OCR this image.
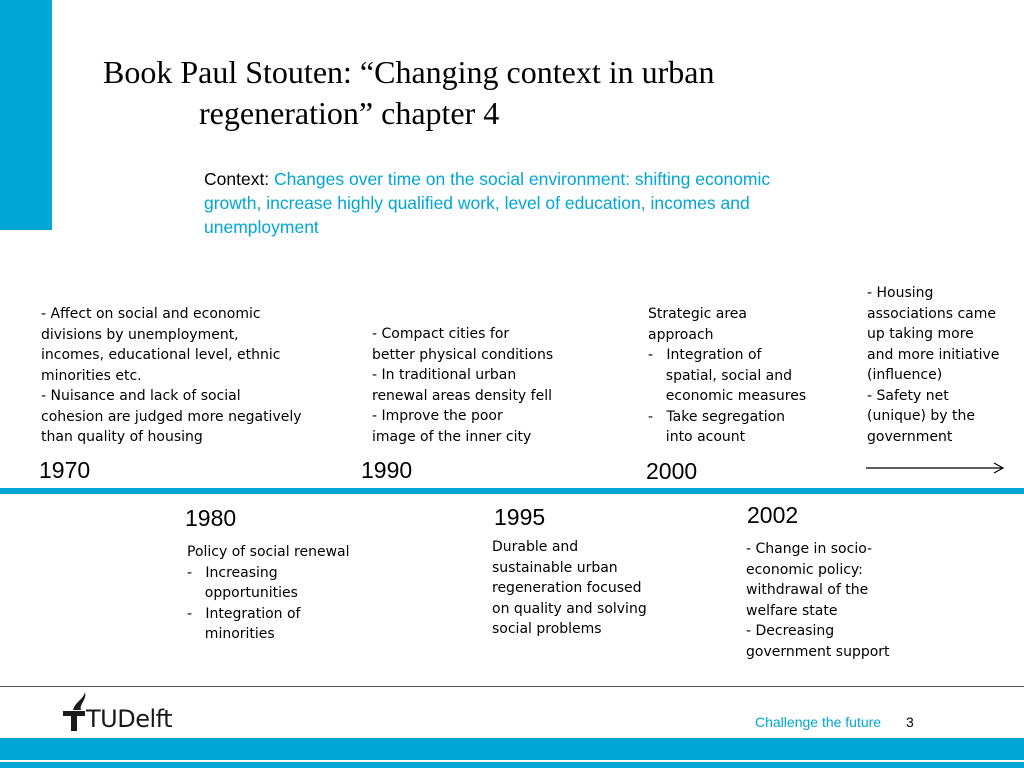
Book Paul Stouten: “Changing context in urban
regeneration” chapter 4
Context: Changes over time on the social environment: shifting economic growth, increase highly qualified work, level of education, incomes and unemployment
- Affect on social and economic
divisions by unemployment,
incomes, educational level, ethnic
minorities etc.
- Nuisance and lack of social
cohesion are judged more negatively
than quality of housing
- Compact cities for
better physical conditions
- In traditional urban
renewal areas density fell
- Improve the poor
image of the inner city
Strategic area
approach
-   Integration of
spatial, social and
economic measures
-   Take segregation
into acount
- Housing
associations came
up taking more
and more initiative
(influence)
- Safety net
(unique) by the
government
1970	1990	2000
1980	1995	2002
Policy of social renewal
-   Increasing
opportunities
-   Integration of
minorities
Durable and
sustainable urban
regeneration focused
on quality and solving
social problems
- Change in socio-
economic policy:
withdrawal of the
welfare state
- Decreasing
government support
TUDelft	Challenge the future 3
